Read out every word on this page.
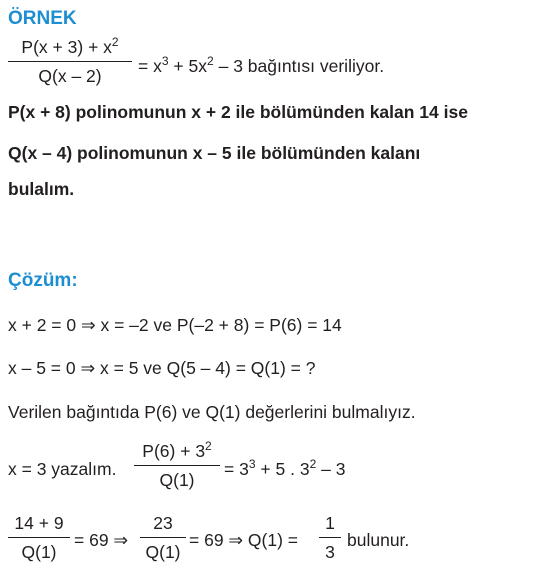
ÖRNEK
$P(x + 3) + x^2$
Q(x – 2)	= $x^3 + 5x^2 - 3$ bağıntısı veriliyor.
P(x + 8) polinomunun x + 2 ile bölümünden kalan 14 ise
Q(x – 4) polinomunun x – 5 ile bölümünden kalanı
bulalım.
Çözüm:
x + 2 = 0 ⇒ x = –2 ve P(–2 + 8) = P(6) = 14
x – 5 = 0 ⇒ x = 5 ve Q(5 – 4) = Q(1) = ?
Verilen bağıntıda P(6) ve Q(1) değerlerini bulmalıyız.
x = 3 yazalım.
$P(6) + 3^2$
Q(1)
= $3^3 + 5$ . $3^2 - 3$
14 + 9
Q(1)
= 69 ⇒
23
Q(1)
= 69 ⇒ Q(1) =
1
3
bulunur.
